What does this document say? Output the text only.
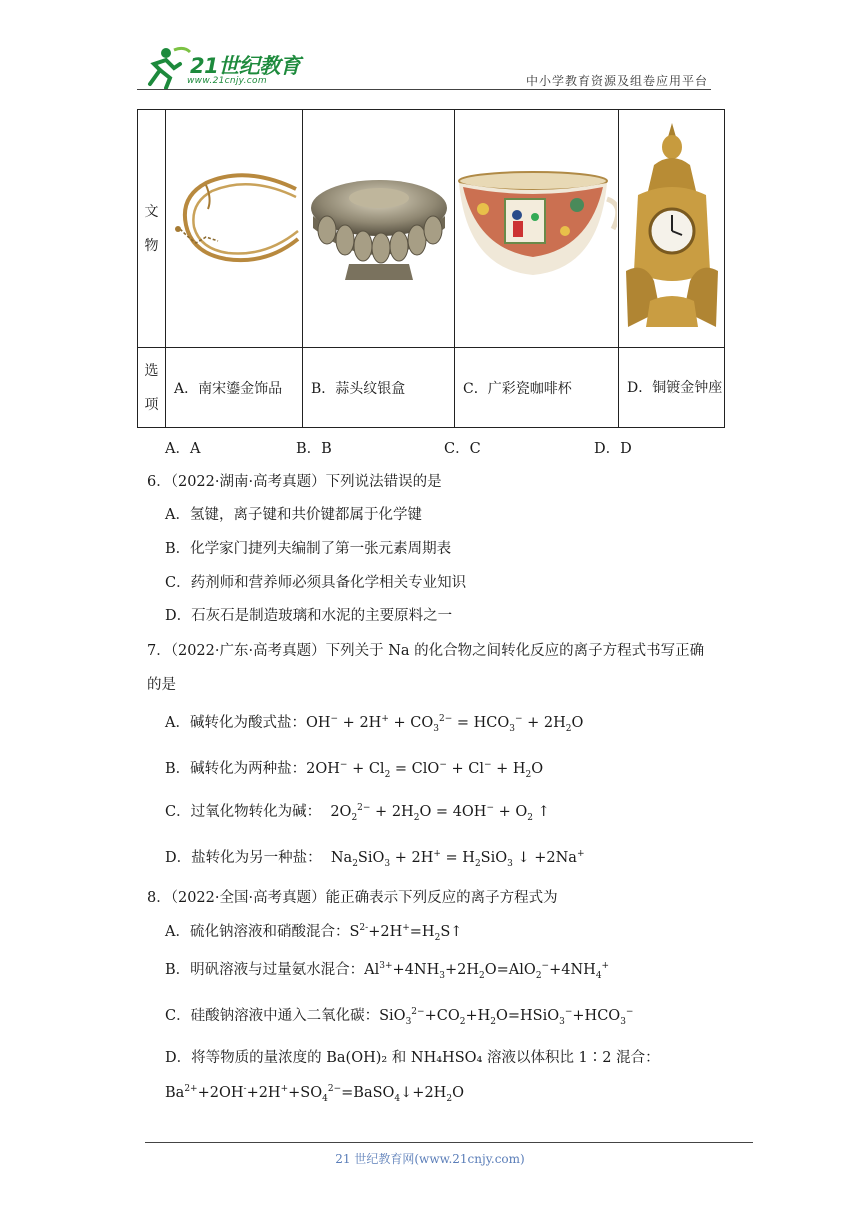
21世纪教育
www.21cnjy.com	中小学教育资源及组卷应用平台
文物	

选项	A．南宋鎏金饰品	B．蒜头纹银盒	C．广彩瓷咖啡杯	D．铜镀金钟座
A．A	B．B	C．C	D．D
6．（2022·湖南·高考真题）下列说法错误的是
A．氢键，离子键和共价键都属于化学键
B．化学家门捷列夫编制了第一张元素周期表
C．药剂师和营养师必须具备化学相关专业知识
D．石灰石是制造玻璃和水泥的主要原料之一
7．（2022·广东·高考真题）下列关于 Na 的化合物之间转化反应的离子方程式书写正确
的是
A．碱转化为酸式盐：$OH^- + 2H^+ + CO_3^{2-} = HCO_3^- + 2H_2O$
B．碱转化为两种盐：$2OH^- + Cl_2 = ClO^- + Cl^- + H_2O$
C．过氧化物转化为碱： $2O_2^{2-} + 2H_2O = 4OH^- + O_2$ ↑
D．盐转化为另一种盐： $Na_2SiO_3 + 2H^+ = H_2SiO_3$ ↓ +2Na+
8．（2022·全国·高考真题）能正确表示下列反应的离子方程式为
A．硫化钠溶液和硝酸混合：$S^{2-}+2H^+=H_2S↑$
B．明矾溶液与过量氨水混合：$Al^{3+}+4NH_3+2H_2O=AlO_2^-+4NH_4^+$
C．硅酸钠溶液中通入二氧化碳：$SiO_3^{2-}+CO_2+H_2O=HSiO_3^-+HCO_3^-$
D．将等物质的量浓度的 Ba(OH)₂ 和 NH₄HSO₄ 溶液以体积比 1∶2 混合：
$Ba^{2+}+2OH^-+2H^++SO_4^{2-}=BaSO_4↓+2H_2O$
21 世纪教育网(www.21cnjy.com)
